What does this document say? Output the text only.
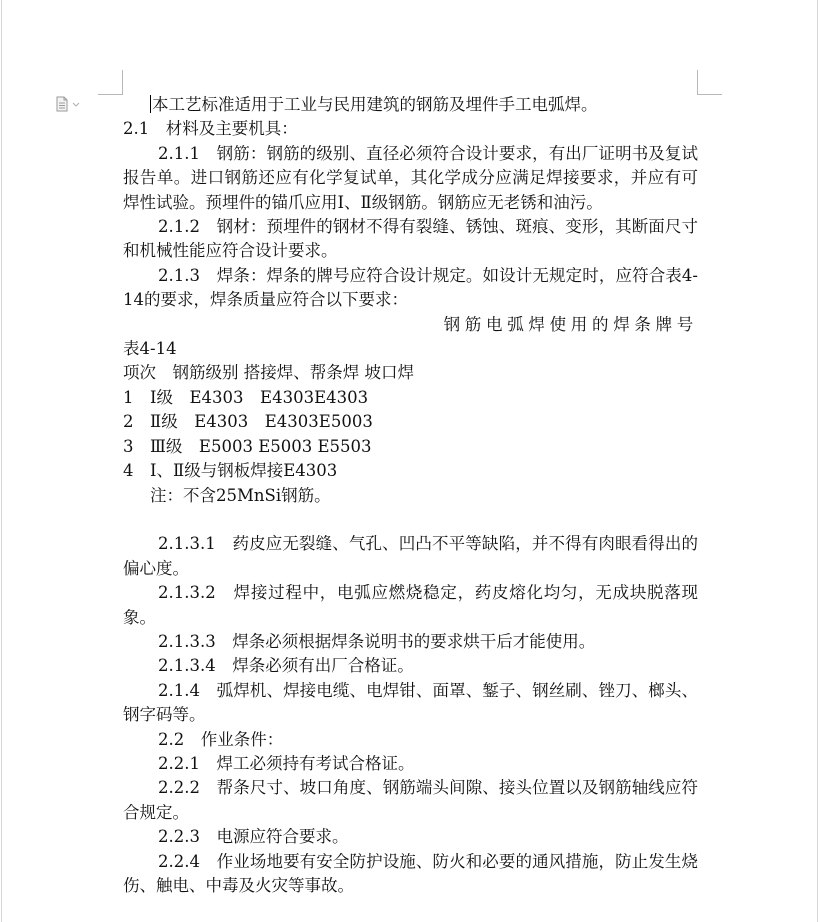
本工艺标准适用于工业与民用建筑的钢筋及埋件手工电弧焊。

2.1　材料及主要机具：

2.1.1　钢筋：钢筋的级别、直径必须符合设计要求，有出厂证明书及复试报告单。进口钢筋还应有化学复试单，其化学成分应满足焊接要求，并应有可焊性试验。预埋件的锚爪应用Ⅰ、Ⅱ级钢筋。钢筋应无老锈和油污。

2.1.2　钢材：预埋件的钢材不得有裂缝、锈蚀、斑痕、变形，其断面尺寸和机械性能应符合设计要求。

2.1.3　焊条：焊条的牌号应符合设计规定。如设计无规定时，应符合表4-14的要求，焊条质量应符合以下要求：

钢筋电弧焊使用的焊条牌号

表4-14

项次　钢筋级别 搭接焊、帮条焊 坡口焊

1　Ⅰ级　E4303　E4303E4303

2　Ⅱ级　E4303　E4303E5003

3　Ⅲ级　E5003 E5003 E5503

4　Ⅰ、Ⅱ级与钢板焊接E4303

注：不含25MnSi钢筋。

2.1.3.1　药皮应无裂缝、气孔、凹凸不平等缺陷，并不得有肉眼看得出的偏心度。

2.1.3.2　焊接过程中，电弧应燃烧稳定，药皮熔化均匀，无成块脱落现象。

2.1.3.3　焊条必须根据焊条说明书的要求烘干后才能使用。

2.1.3.4　焊条必须有出厂合格证。

2.1.4　弧焊机、焊接电缆、电焊钳、面罩、錾子、钢丝刷、锉刀、榔头、钢字码等。

2.2　作业条件：

2.2.1　焊工必须持有考试合格证。

2.2.2　帮条尺寸、坡口角度、钢筋端头间隙、接头位置以及钢筋轴线应符合规定。

2.2.3　电源应符合要求。

2.2.4　作业场地要有安全防护设施、防火和必要的通风措施，防止发生烧伤、触电、中毒及火灾等事故。
